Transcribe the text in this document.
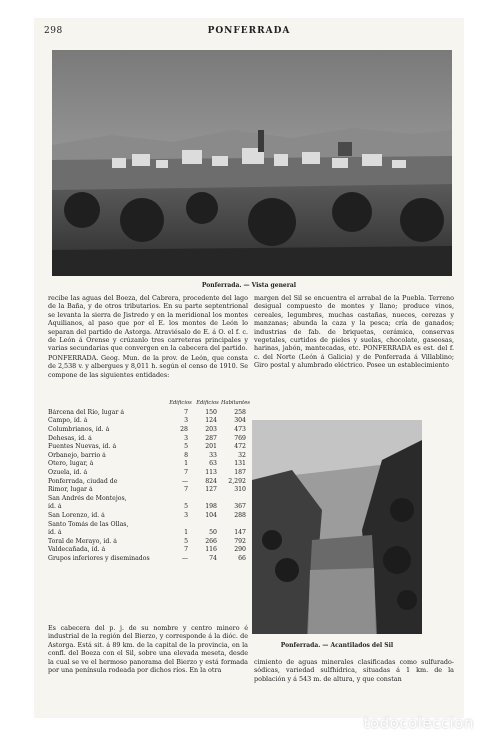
298	PONFERRADA
Ponferrada. — Vista general
recibe las aguas del Boeza, del Cabrera, procedente del lago de la Baña, y de otros tributarios. En su parte septentrional se levanta la sierra de Jistredo y en la meridional los montes Aquilianos, al paso que por el E. los montes de León lo separan del partido de Astorga. Atraviésalo de E. á O. el f. c. de León á Orense y crúzanlo tres carreteras principales y varias secundarias que convergen en la cabecera del partido.
PONFERRADA. Geog. Mun. de la prov. de León, que consta de 2,538 v. y albergues y 8,011 h. según el censo de 1910. Se compone de las siguientes entidades:
Edificios Edificios Habitantes
Bárcena del Río, lugar á	7	150	258
Campo, íd. á	3	124	304
Columbrianos, íd. á	28	203	473
Dehesas, íd. á	3	287	769
Fuentes Nuevas, íd. á	5	201	472
Orbanejo, barrio á	8	33	32
Otero, lugar, á	1	63	131
Ozuela, íd. á	7	113	187
Ponferrada, ciudad de	—	824	2,292
Rimor, lugar á	7	127	310
San Andrés de Montejos,
íd. á	5	198	367
San Lorenzo, íd. á	3	104	288
Santo Tomás de las Ollas,
íd. á	1	50	147
Toral de Merayo, íd. á	5	266	792
Valdecañada, íd. á	7	116	290
Grupos inferiores y diseminados	—	74	66
Es cabecera del p. j. de su nombre y centro minero é industrial de la región del Bierzo, y corresponde á la dióc. de Astorga. Está sit. á 89 km. de la capital de la provincia, en la confl. del Boeza con el Sil, sobre una elevada meseta, desde la cual se ve el hermoso panorama del Bierzo y está formada por una península rodeada por dichos ríos. En la otra
margen del Sil se encuentra el arrabal de la Puebla. Terreno desigual compuesto de montes y llano; produce vinos, cereales, legumbres, muchas castañas, nueces, cerezas y manzanas; abunda la caza y la pesca; cría de ganados; industrias de fab. de briquetas, cerámica, conservas vegetales, curtidos de pieles y suelas, chocolate, gaseosas, harinas, jabón, mantecadas, etc. PONFERRADA es est. del f. c. del Norte (León á Galicia) y de Ponferrada á Villablino; Giro postal y alumbrado eléctrico. Posee un establecimiento
Ponferrada. — Acantilados del Sil
cimiento de aguas minerales clasificadas como sulfurado-sódicas, variedad sulfhídrica, situadas á 1 km. de la población y á 543 m. de altura, y que constan
todocoleccion
